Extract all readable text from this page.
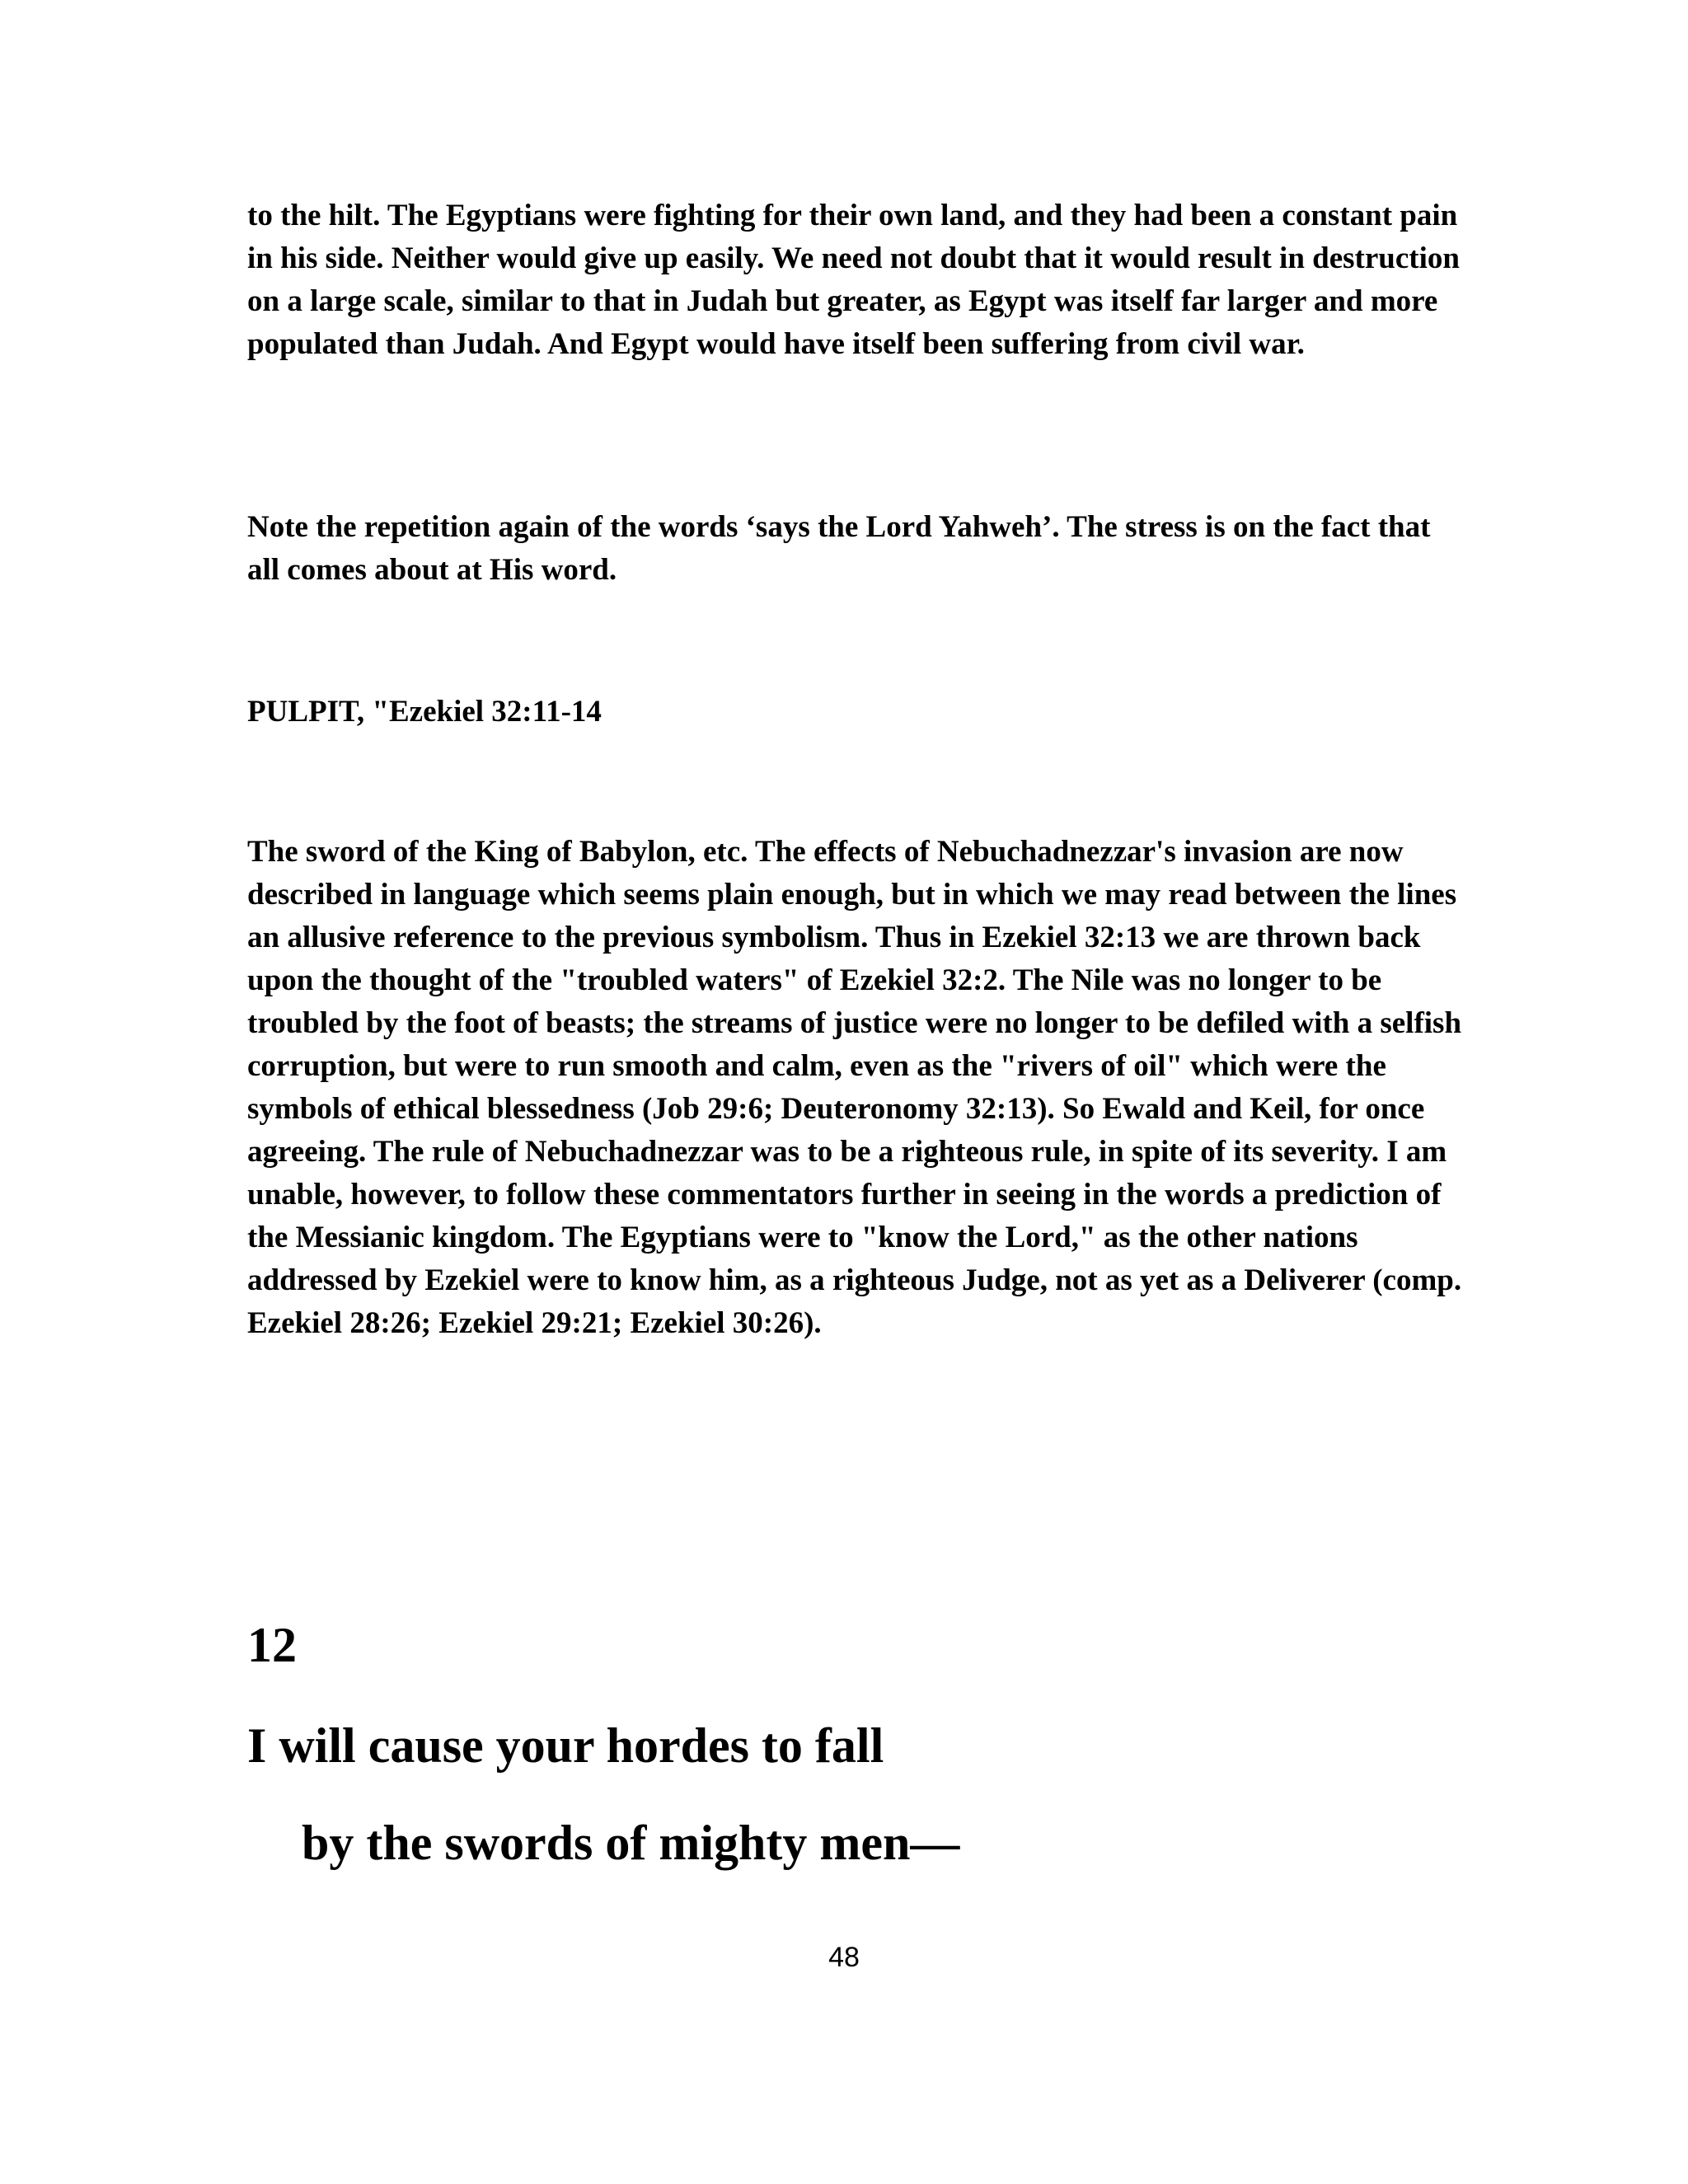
to the hilt. The Egyptians were fighting for their own land, and they had been a constant pain in his side. Neither would give up easily. We need not doubt that it would result in destruction on a large scale, similar to that in Judah but greater, as Egypt was itself far larger and more populated than Judah. And Egypt would have itself been suffering from civil war.

Note the repetition again of the words ‘says the Lord Yahweh’. The stress is on the fact that all comes about at His word.

PULPIT, "Ezekiel 32:11-14

The sword of the King of Babylon, etc. The effects of Nebuchadnezzar's invasion are now described in language which seems plain enough, but in which we may read between the lines an allusive reference to the previous symbolism. Thus in Ezekiel 32:13 we are thrown back upon the thought of the "troubled waters" of Ezekiel 32:2. The Nile was no longer to be troubled by the foot of beasts; the streams of justice were no longer to be defiled with a selfish corruption, but were to run smooth and calm, even as the "rivers of oil" which were the symbols of ethical blessedness (Job 29:6; Deuteronomy 32:13). So Ewald and Keil, for once agreeing. The rule of Nebuchadnezzar was to be a righteous rule, in spite of its severity. I am unable, however, to follow these commentators further in seeing in the words a prediction of the Messianic kingdom. The Egyptians were to "know the Lord," as the other nations addressed by Ezekiel were to know him, as a righteous Judge, not as yet as a Deliverer (comp. Ezekiel 28:26; Ezekiel 29:21; Ezekiel 30:26).

12

I will cause your hordes to fall

by the swords of mighty men—

48
